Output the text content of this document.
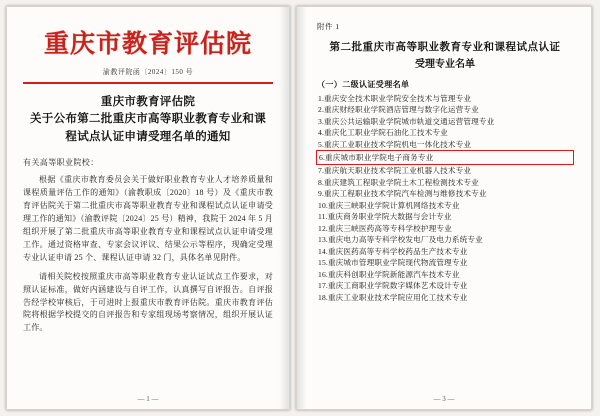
重庆市教育评估院
渝教评院函〔2024〕150 号
重庆市教育评估院
关于公布第二批重庆市高等职业教育专业和课
程试点认证申请受理名单的通知
有关高等职业院校：
根据《重庆市教育委员会关于做好职业教育专业人才培养质量和课程质量评估工作的通知》（渝教职成〔2020〕18 号）及《重庆市教育评估院关于第二批重庆市高等职业教育专业和课程试点认证申请受理工作的通知》（渝教评院〔2024〕25 号）精神，我院于 2024 年 5 月组织开展了第二批重庆市高等职业教育专业和课程试点认证申请受理工作。通过资格审查、专家会议评议、结果公示等程序，现确定受理专业认证申请 25 个、课程认证申请 32 门，具体名单见附件。
请相关院校按照重庆市高等职业教育专业认证试点工作要求，对照认证标准，做好内涵建设与自评工作，认真撰写自评报告。自评报告经学校审核后，于可进时上报重庆市教育评估院。重庆市教育评估院将根据学校提交的自评报告和专家组现场考察情况，组织开展认证工作。
— 1 —
附件 1
第二批重庆市高等职业教育专业和课程试点认证
受理专业名单
（一）二级认证受理名单
1.重庆安全技术职业学院安全技术与管理专业
2.重庆财经职业学院酒店管理与数字化运营专业
3.重庆公共运输职业学院城市轨道交通运营管理专业
4.重庆化工职业学院石油化工技术专业
5.重庆工业职业技术学院机电一体化技术专业
6.重庆城市职业学院电子商务专业
7.重庆航天职业技术学院工业机器人技术专业
8.重庆建筑工程职业学院土木工程检测技术专业
9.重庆工程职业技术学院汽车检测与维修技术专业
10.重庆三峡职业学院计算机网络技术专业
11.重庆商务职业学院大数据与会计专业
12.重庆三峡医药高等专科学校护理专业
13.重庆电力高等专科学校发电厂及电力系统专业
14.重庆医药高等专科学校药品生产技术专业
15.重庆城市管理职业学院现代物流管理专业
16.重庆科创职业学院新能源汽车技术专业
17.重庆工商职业学院数字媒体艺术设计专业
18.重庆工业职业技术学院应用化工技术专业
— 3 —
